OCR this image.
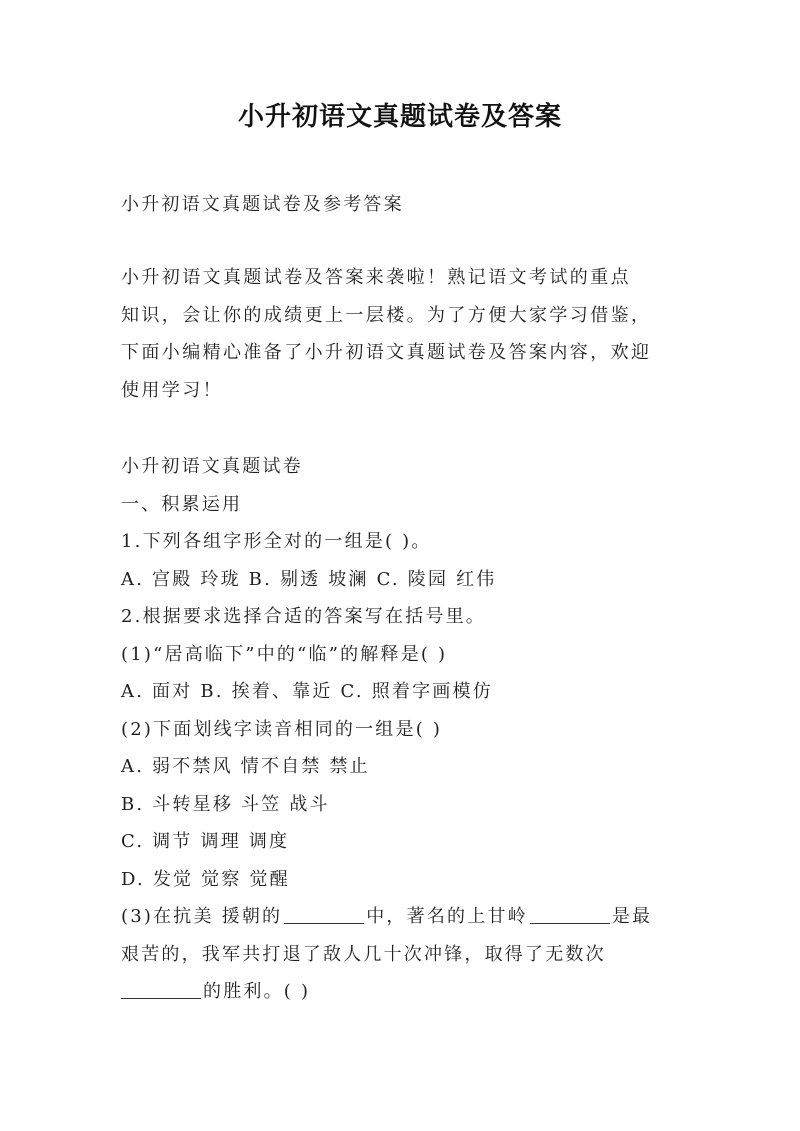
小升初语文真题试卷及答案

小升初语文真题试卷及参考答案

小升初语文真题试卷及答案来袭啦！熟记语文考试的重点
知识，会让你的成绩更上一层楼。为了方便大家学习借鉴，
下面小编精心准备了小升初语文真题试卷及答案内容，欢迎
使用学习！

小升初语文真题试卷
一、积累运用
1.下列各组字形全对的一组是( )。
A. 宫殿 玲珑 B. 剔透 坡澜 C. 陵园 红伟
2.根据要求选择合适的答案写在括号里。
(1)“居高临下”中的“临”的解释是( )
A. 面对 B. 挨着、靠近 C. 照着字画模仿
(2)下面划线字读音相同的一组是( )
A. 弱不禁风 情不自禁 禁止
B. 斗转星移 斗笠 战斗
C. 调节 调理 调度
D. 发觉 觉察 觉醒
(3)在抗美 援朝的	中，著名的上甘岭	是最
艰苦的，我军共打退了敌人几十次冲锋，取得了无数次
的胜利。( )
